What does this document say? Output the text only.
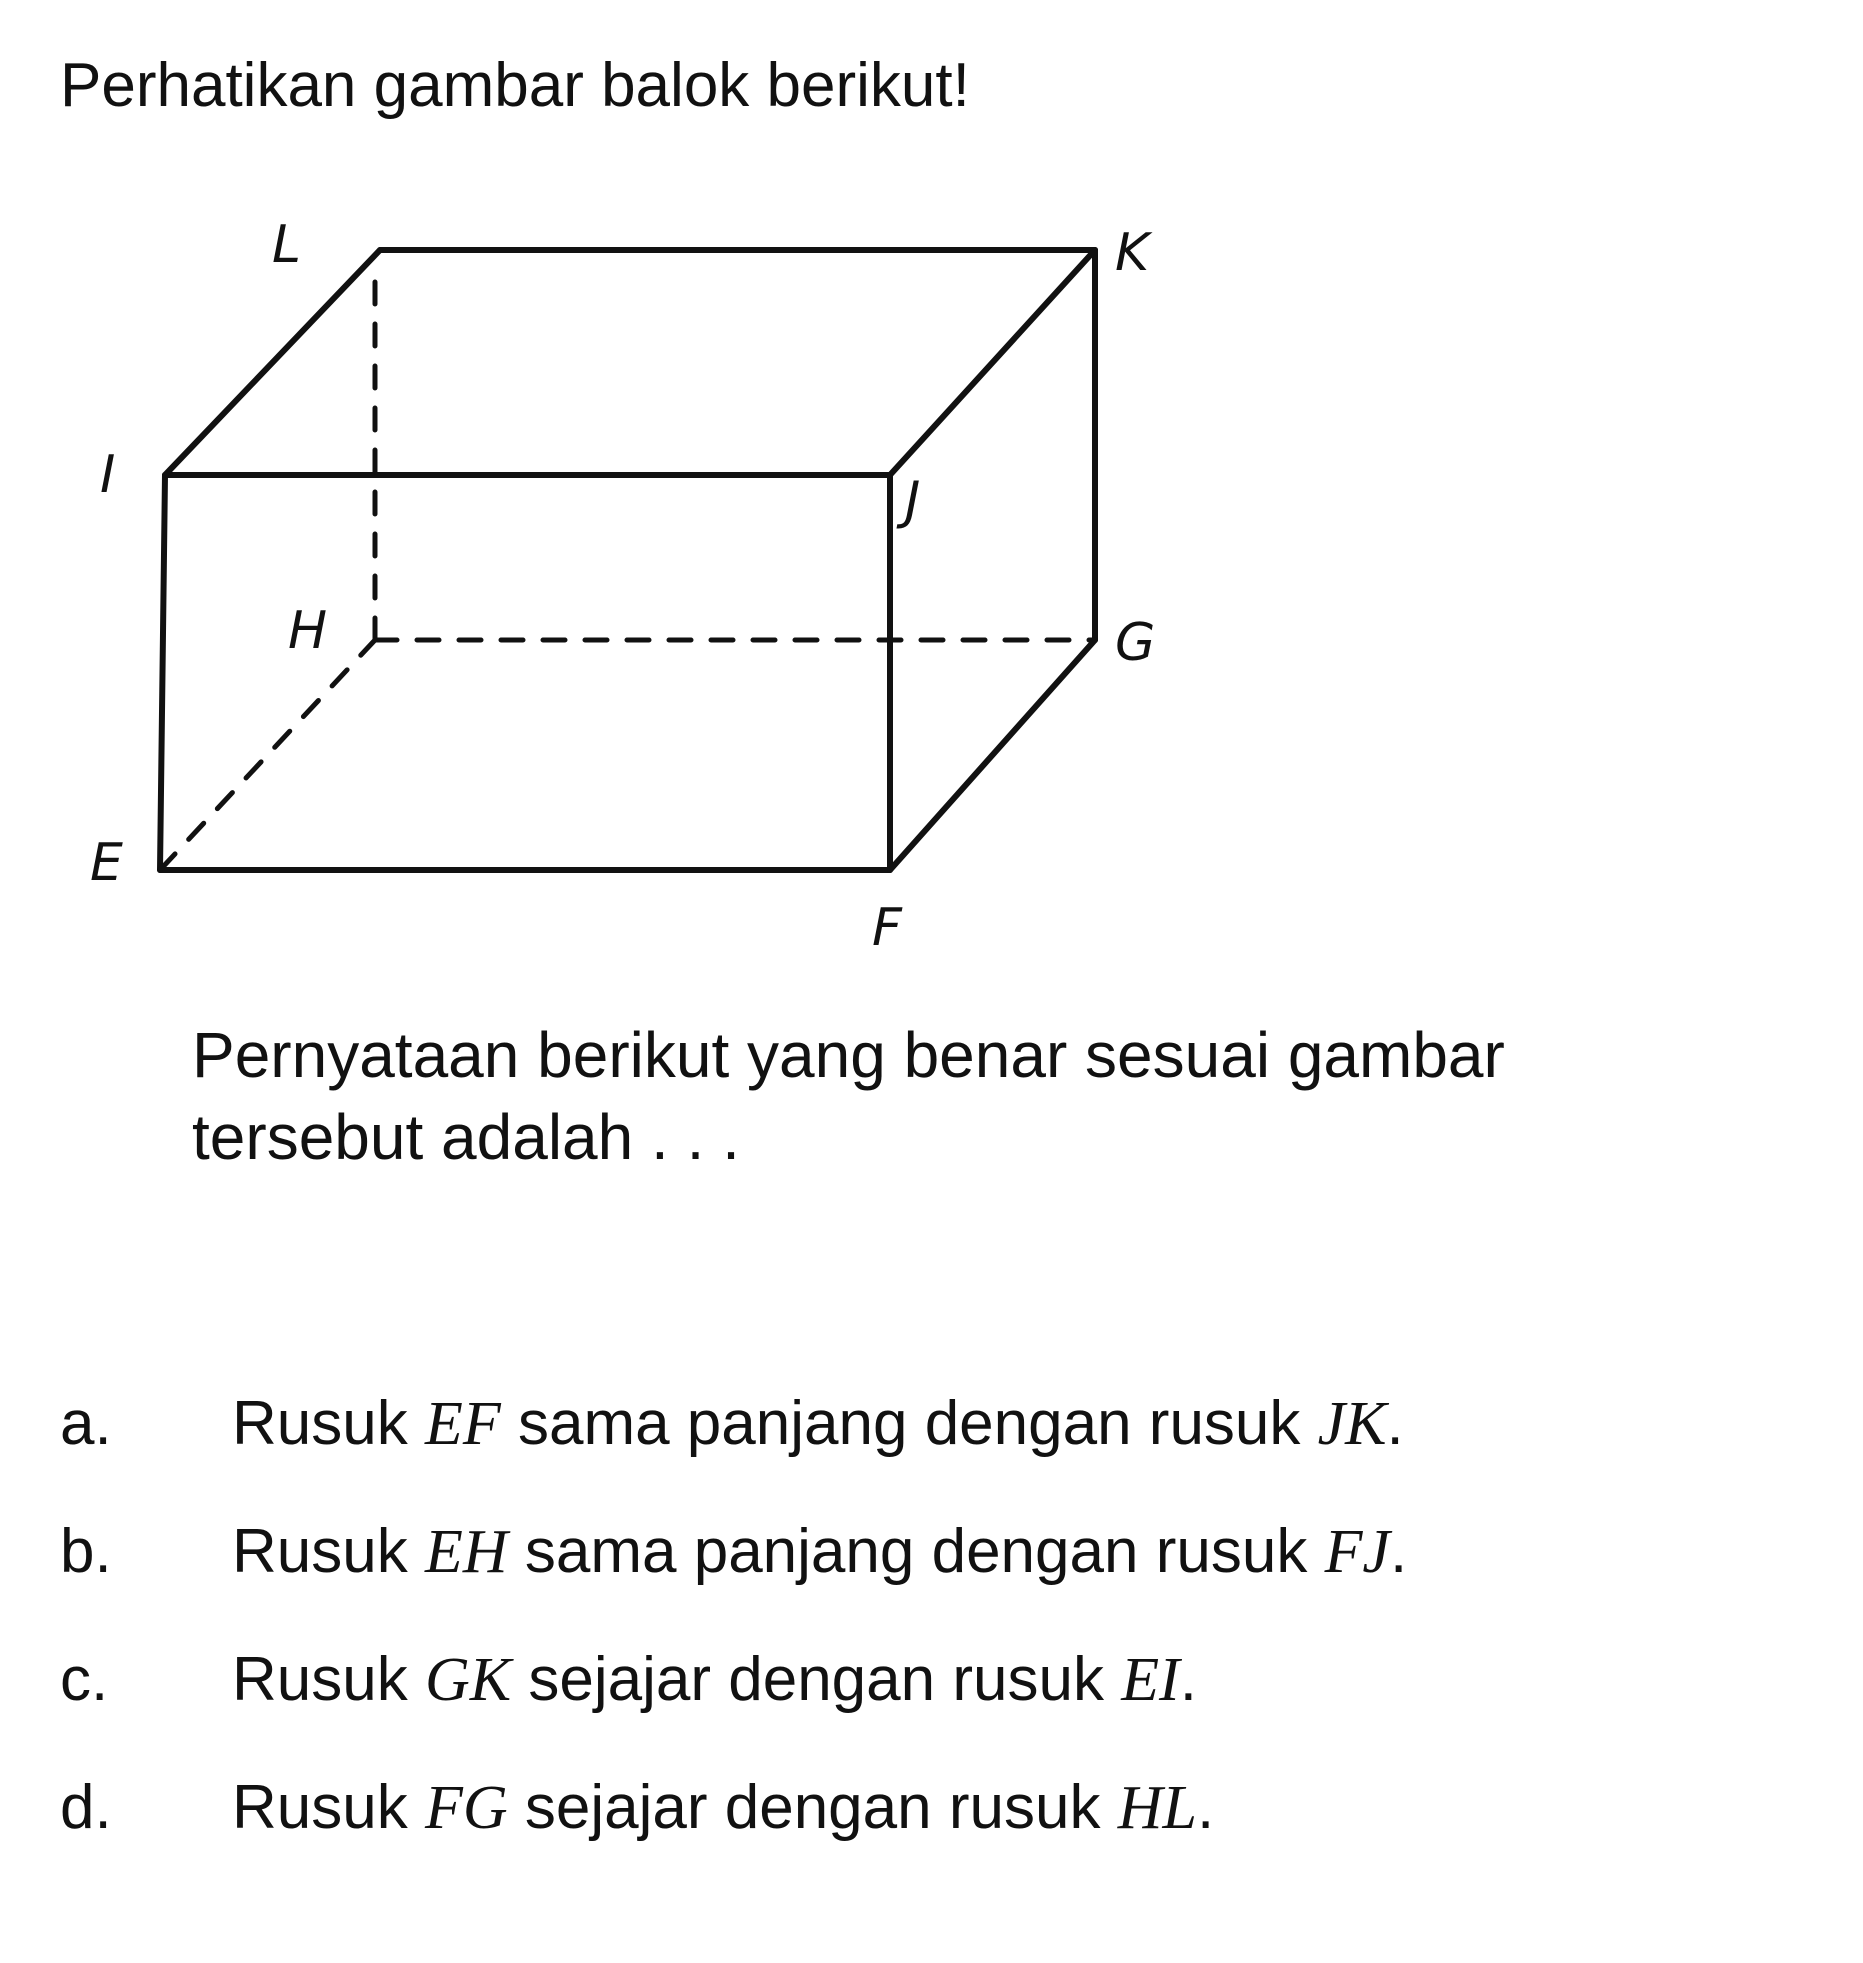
Perhatikan gambar balok berikut!
L	K
I	J
H	G
E
F
Pernyataan berikut yang benar sesuai gambar tersebut adalah . . .
a.	Rusuk EF sama panjang dengan rusuk JK.
b.	Rusuk EH sama panjang dengan rusuk FJ.
c.	Rusuk GK sejajar dengan rusuk EI.
d.	Rusuk FG sejajar dengan rusuk HL.
